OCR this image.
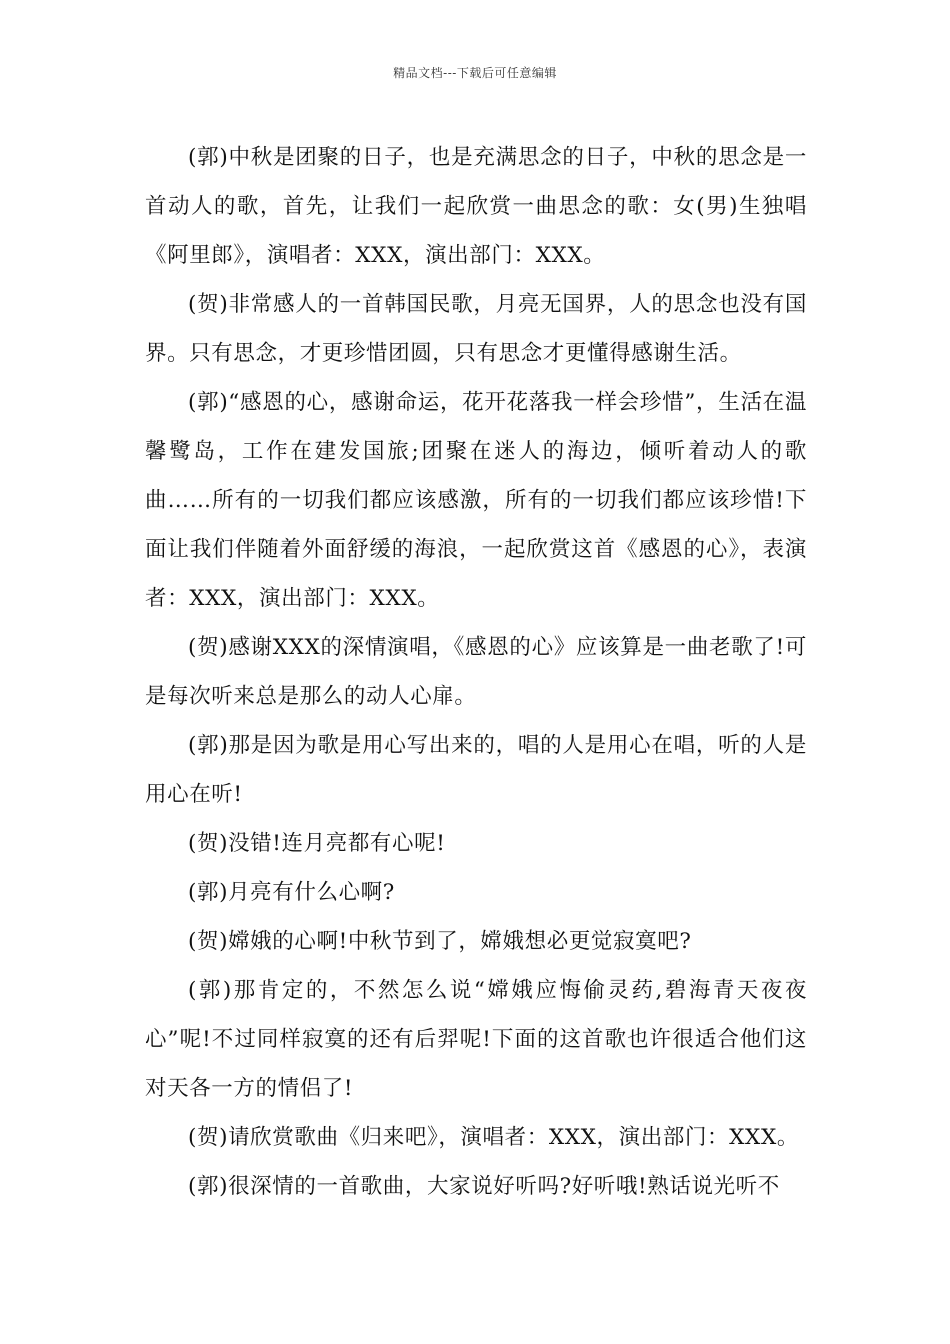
精品文档---下载后可任意编辑

(郭)中秋是团聚的日子，也是充满思念的日子，中秋的思念是一首动人的歌，首先，让我们一起欣赏一曲思念的歌：女(男)生独唱《阿里郎》，演唱者：XXX，演出部门：XXX。

(贺)非常感人的一首韩国民歌，月亮无国界，人的思念也没有国界。只有思念，才更珍惜团圆，只有思念才更懂得感谢生活。

(郭)“感恩的心，感谢命运，花开花落我一样会珍惜”，生活在温馨鹭岛，工作在建发国旅;团聚在迷人的海边，倾听着动人的歌曲……所有的一切我们都应该感激，所有的一切我们都应该珍惜!下面让我们伴随着外面舒缓的海浪，一起欣赏这首《感恩的心》，表演者：XXX，演出部门：XXX。

(贺)感谢XXX的深情演唱，《感恩的心》应该算是一曲老歌了!可是每次听来总是那么的动人心扉。

(郭)那是因为歌是用心写出来的，唱的人是用心在唱，听的人是用心在听!

(贺)没错!连月亮都有心呢!

(郭)月亮有什么心啊?

(贺)嫦娥的心啊!中秋节到了，嫦娥想必更觉寂寞吧?

(郭)那肯定的，不然怎么说“嫦娥应悔偷灵药,碧海青天夜夜心”呢!不过同样寂寞的还有后羿呢!下面的这首歌也许很适合他们这对天各一方的情侣了!

(贺)请欣赏歌曲《归来吧》，演唱者：XXX，演出部门：XXX。

(郭)很深情的一首歌曲，大家说好听吗?好听哦!熟话说光听不
